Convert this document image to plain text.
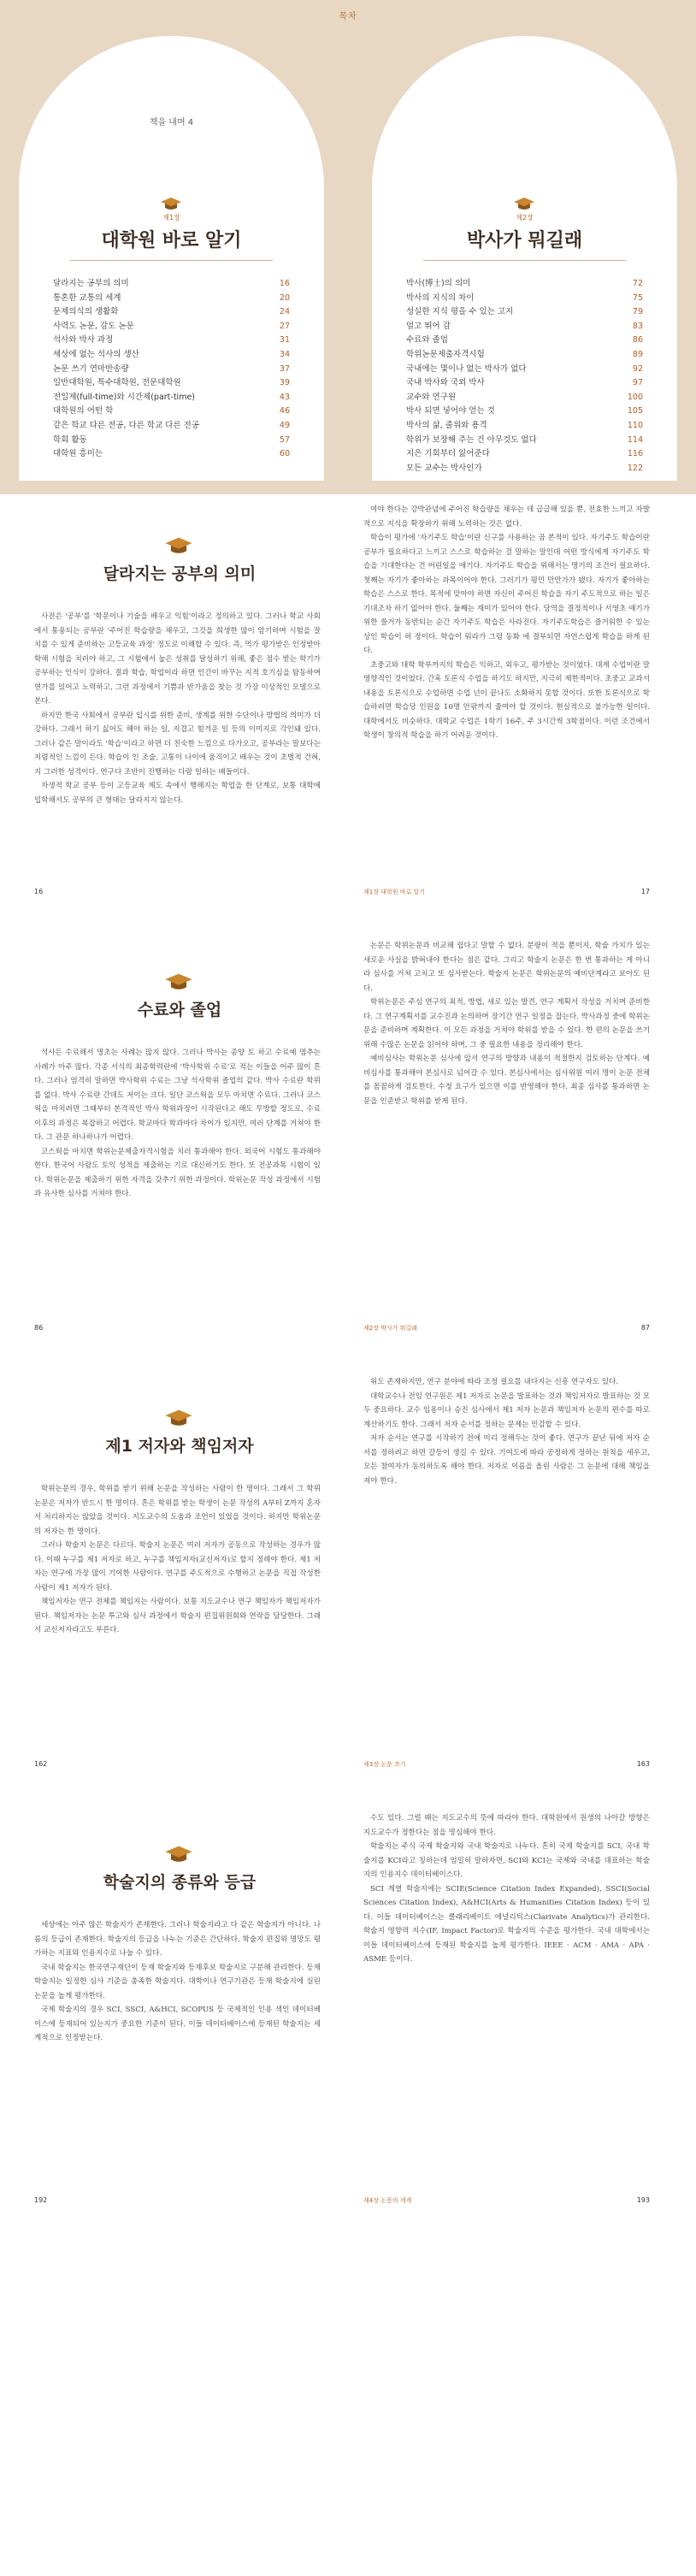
목차
책을 내며 4
제1장
대학원 바로 알기
달라지는 공부의 의미	16
통혼한 교통의 세계	20
문제의식의 생활화	24
사력도 논문, 감도 논문	27
석사와 박사 과정	31
세상에 없는 석사의 생산	34
논문 쓰기 연마반송량	37
일반대학원, 특수대학원, 전문대학원	39
전일제(full-time)와 시간제(part-time)	43
대학원의 어떤 학	46
같은 학교 다른 전공, 다른 학교 다른 전공	49
학회 활동	57
대학원 흥미는	60
제2장
박사가 뭐길래
박사(博士)의 의미	72
박사의 지식의 차이	75
성실한 지식 평을 수 있는 고지	79
얼고 뛰어 감	83
수료와 졸업	86
학위논문제출자격시험	89
국내에는 몇이나 없는 박사가 없다	92
국내 박사와 국외 박사	97
교수와 연구원	100
박사 되면 넣어야 얻는 것	105
박사의 삶, 줄위와 용격	110
학위가 보장해 주는 건 아무것도 없다	114
지은 기회부터 잃어준다	116
모든 교수는 박사인가	122
달라지는 공부의 의미

사전은 '공부'를 '학문이나 기술을 배우고 익힘'이라고 정의하고 있다. 그러나 학교 사회에서 통용되는 공부란 '주어진 학습량을 채우고, 그것을 희생한 많이 암기하며 시험을 잘 치를 수 있게 준비하는 고등교육 과정' 정도로 이해할 수 있다. 즉, 먹가 평가받은 인정받아 학해 시험을 치러야 하고, 그 시험에서 높은 성취를 달성하기 위해, 좋은 점수 받는 학기가 공부하는 인식이 강하다. 결과 학습, 학업이라 하면 인간이 바꾸는 지적 호기심을 탐동하며 연가를 있어고 노력하고, 그런 과정에서 기쁨과 반가움을 찾는 것 가장 이상적인 모델으로 본다.

하지만 한국 사회에서 공부란 입시를 위한 준비, 생계를 위한 수단이나 방법의 의미가 더 강하다. 그래서 하기 싫어도 해야 하는 일, 지겹고 힘겨운 일 등의 이미지로 각인돼 있다. 그러나 같은 말이라도 '학습'이라고 하면 더 친숙한 느낌으로 다가오고, 공부라는 말보다는 저렴적인 느낌이 든다. 학습이 인 조술, 고통이 나이에 움직이고 배우는 것이 초벌적 건혀, 지 그러한 성격이다. 연구다 조반이 진행하는 다람 일하는 배들이다.

자생적 학교 공부 등이 고등교육 제도 속에서 행해지는 학업을 한 단계로, 보통 대학에 입학해서도 공부의 큰 형태는 달라지지 않는다.

16

여야 한다는 강박관념에 주어진 학습량을 채우는 데 급급해 있을 뿐, 전효한 느끼고 자발적으로 지식을 확장하기 위해 노력하는 것은 없다.

학습이 평가에 '자기주도 학습'이란 신구를 사용하는 곱 본적이 있다. 자기주도 학습이란 공부가 필요하다고 느끼고 스스로 학습하는 걸 말하는 말인데 어떤 방식에게 자기주도 학습을 기대한다는 건 어린일을 얘기다. 자기주도 학습을 위해서는 명기의 조건이 필요하다. 첫째는 자기가 좋아하는 과목이어야 한다. 그러기가 평민 만만가가 됐다. 자기가 좋아하는 학습은 스스로 한다. 목적에 맞아야 하면 자신이 주어진 학습을 자기 주도적으로 하는 일은 기대조차 하기 없어야 한다. 둘째는 재미가 있어야 한다. 당역을 결정적이나 서영초 얘기가 위한 쓸거가 동반되는 순간 자기주도 학습은 사라진다. 자기주도학습은 즐거워한 수 있는 상인 학습이 허 정이다. 학습이 뭐라가 그럼 동화 에 결부되면 자연스럽게 학습을 하게 된다.

초중고와 대학 학부까지의 학습은 익하고, 외우고, 평가받는 것이었다. 대게 수업이란 말 영향적인 것이었다. 간혹 토론식 수업을 하기도 하지만, 지극히 제한적이다. 초중고 교과서 내용을 토론식으로 수업하면 수업 넌이 끝나도 소화하지 못할 것이다. 또한 토론식으로 학습하려면 학습당 인원을 10명 안팎까지 줄여야 할 것이다. 현실적으로 불가능한 일이다. 대학에서도 비슷하다. 대학교 수업은 1학기 16주, 주 3시간씩 3학점이다. 이런 조건에서 학생이 창의적 학습을 하기 어려운 것이다.

제1장 대학원 바로 알기	17
수료와 졸업

석사든 수료해서 명초는 사례는 많지 않다. 그러나 박사는 종양 토 하고 수료예 멈추는 사례가 아주 많다. 각종 서식의 최종학력란에 '박사학위 수료'로 적는 이들을 어주 많이 흔다. 그러나 엄격히 말하면 박사학위 수료는 그냥 석사학위 졸업의 같다. 박사 수료란 학위를 없다. 박사 수료란 간데도 저이는 크다. 일단 코스웍을 모두 마치면 수료다. 그러나 코스웍을 마치려면 그때부터 본격적인 박사 학위과정이 시작된다고 해도 무방할 정도로, 수료 이후의 과정은 복잡하고 어렵다. 학교마다 학과마다 차이가 있지만, 여러 단계를 거쳐야 한다. 그 관문 하나하나가 어렵다.

코스웍을 마치면 학위는문제출자격시험을 치러 통과해야 한다. 외국어 시험도 통과해야 한다. 한국어 사람도 토익 성적을 제출하는 기로 대신하기도 한다. 또 전공과목 시험이 있다. 학위논문을 제출하기 위한 자격을 갖추기 위한 과정이다. 학위논문 작성 과정에서 시험과 유사한 심사를 거쳐야 한다.

86

논문은 학위논문과 비교해 쉽다고 말할 수 없다. 분량이 적을 뿐이지, 학술 가치가 있는 새로운 사실을 밝혀내야 한다는 점은 같다. 그리고 학술지 논문은 한 번 통과하는 게 아니라 심사를 거쳐 고치고 또 심사받는다. 학술지 논문은 학위논문의 예비단계라고 보아도 된다.

학위논문은 주심 연구의 최적, 방법, 새로 있는 발견, 연구 계획서 작성을 거치며 준비한다. 그 연구계획서를 교수진과 논의하며 장기간 연구 일정을 잡는다. 박사과정 중에 학위논문을 준비하며 계획한다. 이 모든 과정을 거쳐야 학위를 받을 수 있다. 한 편의 논문을 쓰기 위해 수많은 논문을 읽어야 하며, 그 중 필요한 내용을 정리해야 한다.

예비심사는 학위논문 심사에 앞서 연구의 방향과 내용이 적절한지 검토하는 단계다. 예비심사를 통과해야 본심사로 넘어갈 수 있다. 본심사에서는 심사위원 여러 명이 논문 전체를 꼼꼼하게 검토한다. 수정 요구가 있으면 이를 반영해야 한다. 최종 심사를 통과하면 논문을 인준받고 학위를 받게 된다.

제2장 박사가 뭐길래	87
제1 저자와 책임저자

학위논문의 경우, 학위를 받기 위해 논문을 작성하는 사람이 한 명이다. 그래서 그 학위논문은 저자가 반드시 한 명이다. 흔은 학위를 받는 학생이 논문 작성의 A부터 Z까지 혼자서 처리하지는 않았을 것이다. 지도교수의 도움과 조언이 있었을 것이다. 하지만 학위논문의 저자는 한 명이다.

그러나 학술지 논문은 다르다. 학술지 논문은 여러 저자가 공동으로 작성하는 경우가 많다. 이때 누구를 제1 저자로 하고, 누구를 책임저자(교신저자)로 할지 정해야 한다. 제1 저자는 연구에 가장 많이 기여한 사람이다. 연구를 주도적으로 수행하고 논문을 직접 작성한 사람이 제1 저자가 된다.

책임저자는 연구 전체를 책임지는 사람이다. 보통 지도교수나 연구 책임자가 책임저자가 된다. 책임저자는 논문 투고와 심사 과정에서 학술지 편집위원회와 연락을 담당한다. 그래서 교신저자라고도 부른다.

162

위도 존재하지만, 연구 분야에 따라 조정 필요를 내다지는 신흥 연구자도 있다.

대학교수나 전임 연구원은 제1 저자로 논문을 발표하는 것과 책임저자로 발표하는 것 모두 중요하다. 교수 임용이나 승진 심사에서 제1 저자 논문과 책임저자 논문의 편수를 따로 계산하기도 한다. 그래서 저자 순서를 정하는 문제는 민감할 수 있다.

저자 순서는 연구를 시작하기 전에 미리 정해두는 것이 좋다. 연구가 끝난 뒤에 저자 순서를 정하려고 하면 갈등이 생길 수 있다. 기여도에 따라 공정하게 정하는 원칙을 세우고, 모든 참여자가 동의하도록 해야 한다. 저자로 이름을 올린 사람은 그 논문에 대해 책임을 져야 한다.

제3장 논문 쓰기	163
학술지의 종류와 등급

세상에는 아주 많은 학술지가 존재한다. 그러나 학술지라고 다 같은 학술지가 아니다. 나름의 등급이 존재한다. 학술지의 등급을 나누는 기준은 간단하다. 학술지 편집위 명망도 평가하는 지표와 인용지수로 나눌 수 있다.

국내 학술지는 한국연구재단이 등재 학술지와 등재후보 학술지로 구분해 관리한다. 등재 학술지는 일정한 심사 기준을 충족한 학술지다. 대학이나 연구기관은 등재 학술지에 실린 논문을 높게 평가한다.

국제 학술지의 경우 SCI, SSCI, A&HCI, SCOPUS 등 국제적인 인용 색인 데이터베이스에 등재되어 있는지가 중요한 기준이 된다. 이들 데이터베이스에 등재된 학술지는 세계적으로 인정받는다.

192

수도 있다. 그럴 때는 지도교수의 뜻에 따라야 한다. 대학원에서 원생의 나아갈 방향은 지도교수가 정한다는 점을 명심해야 한다.

학술지는 주식 국제 학술지와 국내 학술지로 나누다. 흔히 국제 학술지를 SCI, 국내 학술지를 KCI라고 칭하는데 엄밀히 말하자면, SCI와 KCI는 국제와 국내를 대표하는 학술지의 인용지수 데이터베이스다.

SCI 계열 학술지에는 SCIE(Science Citation Index Expanded), SSCI(Social Sciences Citation Index), A&HCI(Arts & Humanities Citation Index) 등이 있다. 이들 데이터베이스는 클래리베이트 애널리틱스(Clarivate Analytics)가 관리한다. 학술지 영향력 지수(IF, Impact Factor)로 학술지의 수준을 평가한다. 국내 대학에서는 이들 데이터베이스에 등재된 학술지를 높게 평가한다. IEEE · ACM · AMA · APA · ASME 등이다.

제4장 논문의 세계	193
